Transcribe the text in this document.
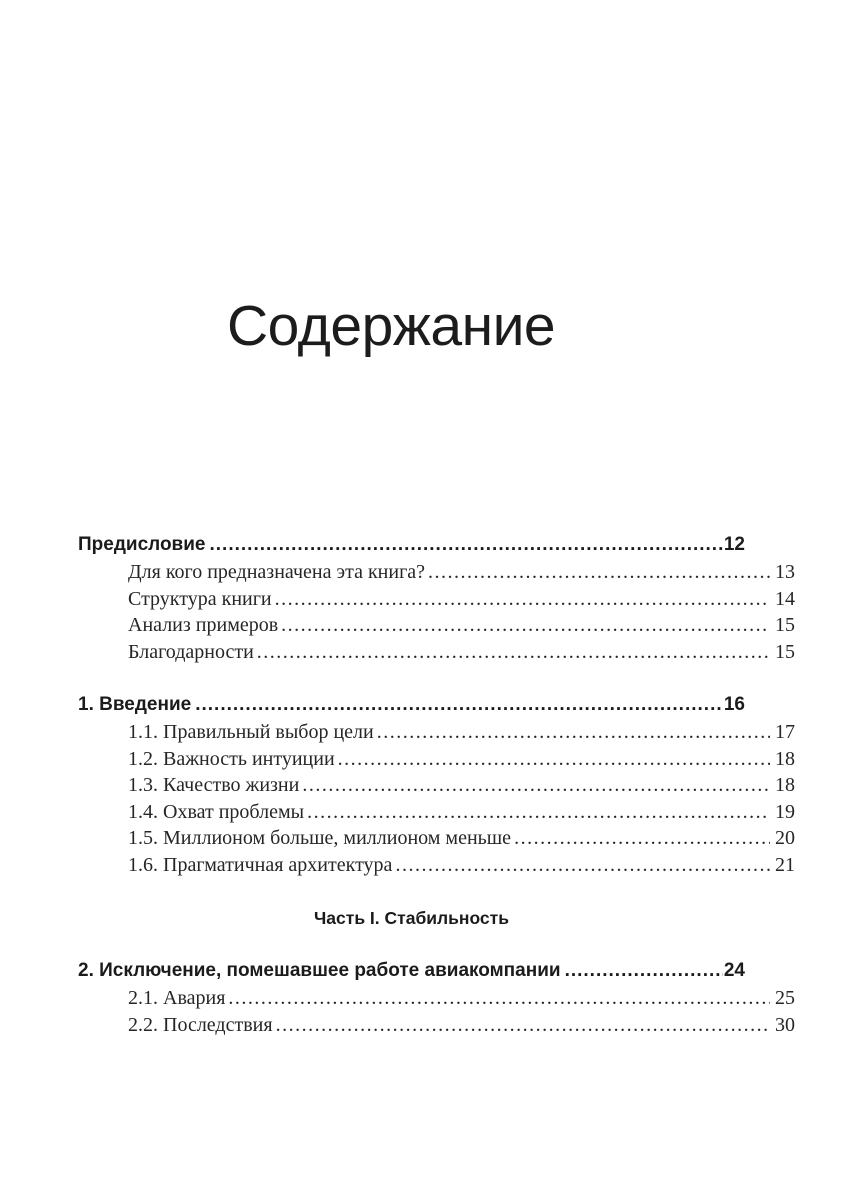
Содержание
Предисловие .....	12
Для кого предназначена эта книга? .....	13
Структура книги .....	14
Анализ примеров .....	15
Благодарности .....	15
1. Введение .....	16
1.1. Правильный выбор цели .....	17
1.2. Важность интуиции .....	18
1.3. Качество жизни .....	18
1.4. Охват проблемы .....	19
1.5. Миллионом больше, миллионом меньше .....	20
1.6. Прагматичная архитектура .....	21
Часть I. Стабильность
2. Исключение, помешавшее работе авиакомпании .....	24
2.1. Авария .....	25
2.2. Последствия .....	30
